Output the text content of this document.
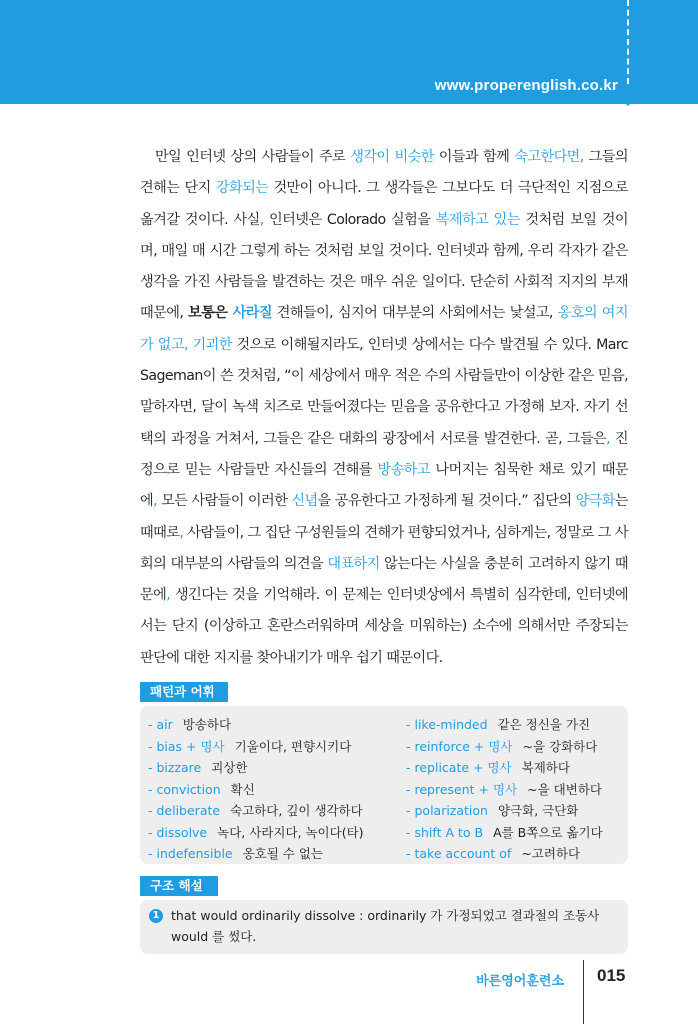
www.properenglish.co.kr
만일 인터넷 상의 사람들이 주로 생각이 비슷한 이들과 함께 숙고한다면, 그들의 견해는 단지 강화되는 것만이 아니다. 그 생각들은 그보다도 더 극단적인 지점으로 옮겨갈 것이다. 사실, 인터넷은 Colorado 실험을 복제하고 있는 것처럼 보일 것이며, 매일 매 시간 그렇게 하는 것처럼 보일 것이다. 인터넷과 함께, 우리 각자가 같은 생각을 가진 사람들을 발견하는 것은 매우 쉬운 일이다. 단순히 사회적 지지의 부재 때문에, 보통은 사라질 견해들이, 심지어 대부분의 사회에서는 낯설고, 옹호의 여지가 없고, 기괴한 것으로 이해될지라도, 인터넷 상에서는 다수 발견될 수 있다. Marc Sageman이 쓴 것처럼, “이 세상에서 매우 적은 수의 사람들만이 이상한 같은 믿음, 말하자면, 달이 녹색 치즈로 만들어졌다는 믿음을 공유한다고 가정해 보자. 자기 선택의 과정을 거쳐서, 그들은 같은 대화의 광장에서 서로를 발견한다. 곧, 그들은, 진정으로 믿는 사람들만 자신들의 견해를 방송하고 나머지는 침묵한 채로 있기 때문에, 모든 사람들이 이러한 신념을 공유한다고 가정하게 될 것이다.” 집단의 양극화는 때때로, 사람들이, 그 집단 구성원들의 견해가 편향되었거나, 심하게는, 정말로 그 사회의 대부분의 사람들의 의견을 대표하지 않는다는 사실을 충분히 고려하지 않기 때문에, 생긴다는 것을 기억해라. 이 문제는 인터넷상에서 특별히 심각한데, 인터넷에서는 단지 (이상하고 혼란스러워하며 세상을 미워하는) 소수에 의해서만 주장되는 판단에 대한 지지를 찾아내기가 매우 쉽기 때문이다.
패턴과 어휘
- air 방송하다
- bias + 명사 기울이다, 편향시키다
- bizzare 괴상한
- conviction 확신
- deliberate 숙고하다, 깊이 생각하다
- dissolve 녹다, 사라지다, 녹이다(타)
- indefensible 옹호될 수 없는
- like-minded 같은 정신을 가진
- reinforce + 명사 ~을 강화하다
- replicate + 명사 복제하다
- represent + 명사 ~을 대변하다
- polarization 양극화, 극단화
- shift A to B A를 B쪽으로 옮기다
- take account of ~고려하다
구조 해설
1 that would ordinarily dissolve : ordinarily 가 가정되었고 결과절의 조동사 would 를 썼다.
바른영어훈련소 015
